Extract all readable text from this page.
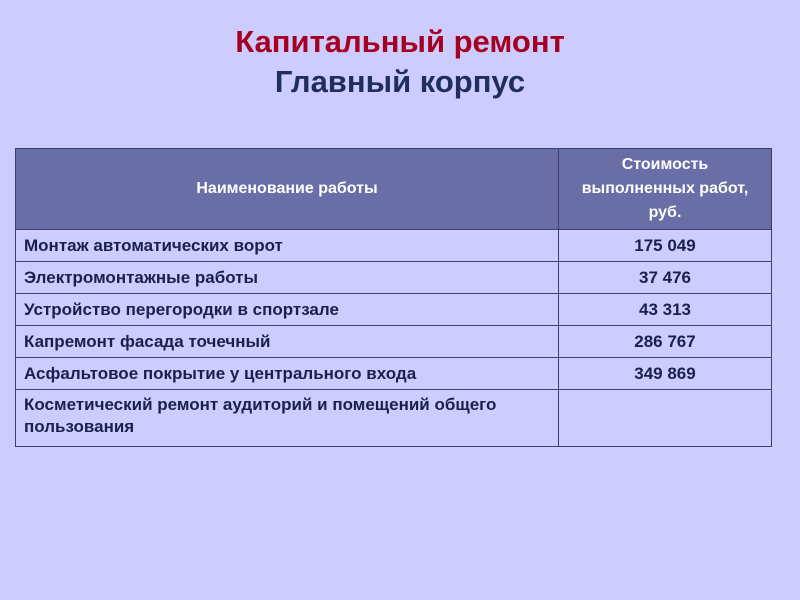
Капитальный ремонт
Главный корпус
Наименование работы	Стоимость выполненных работ, руб.
Монтаж автоматических ворот	175 049
Электромонтажные работы	37 476
Устройство перегородки в спортзале	43 313
Капремонт фасада точечный	286 767
Асфальтовое покрытие у центрального входа	349 869
Косметический ремонт аудиторий и помещений общего пользования	
